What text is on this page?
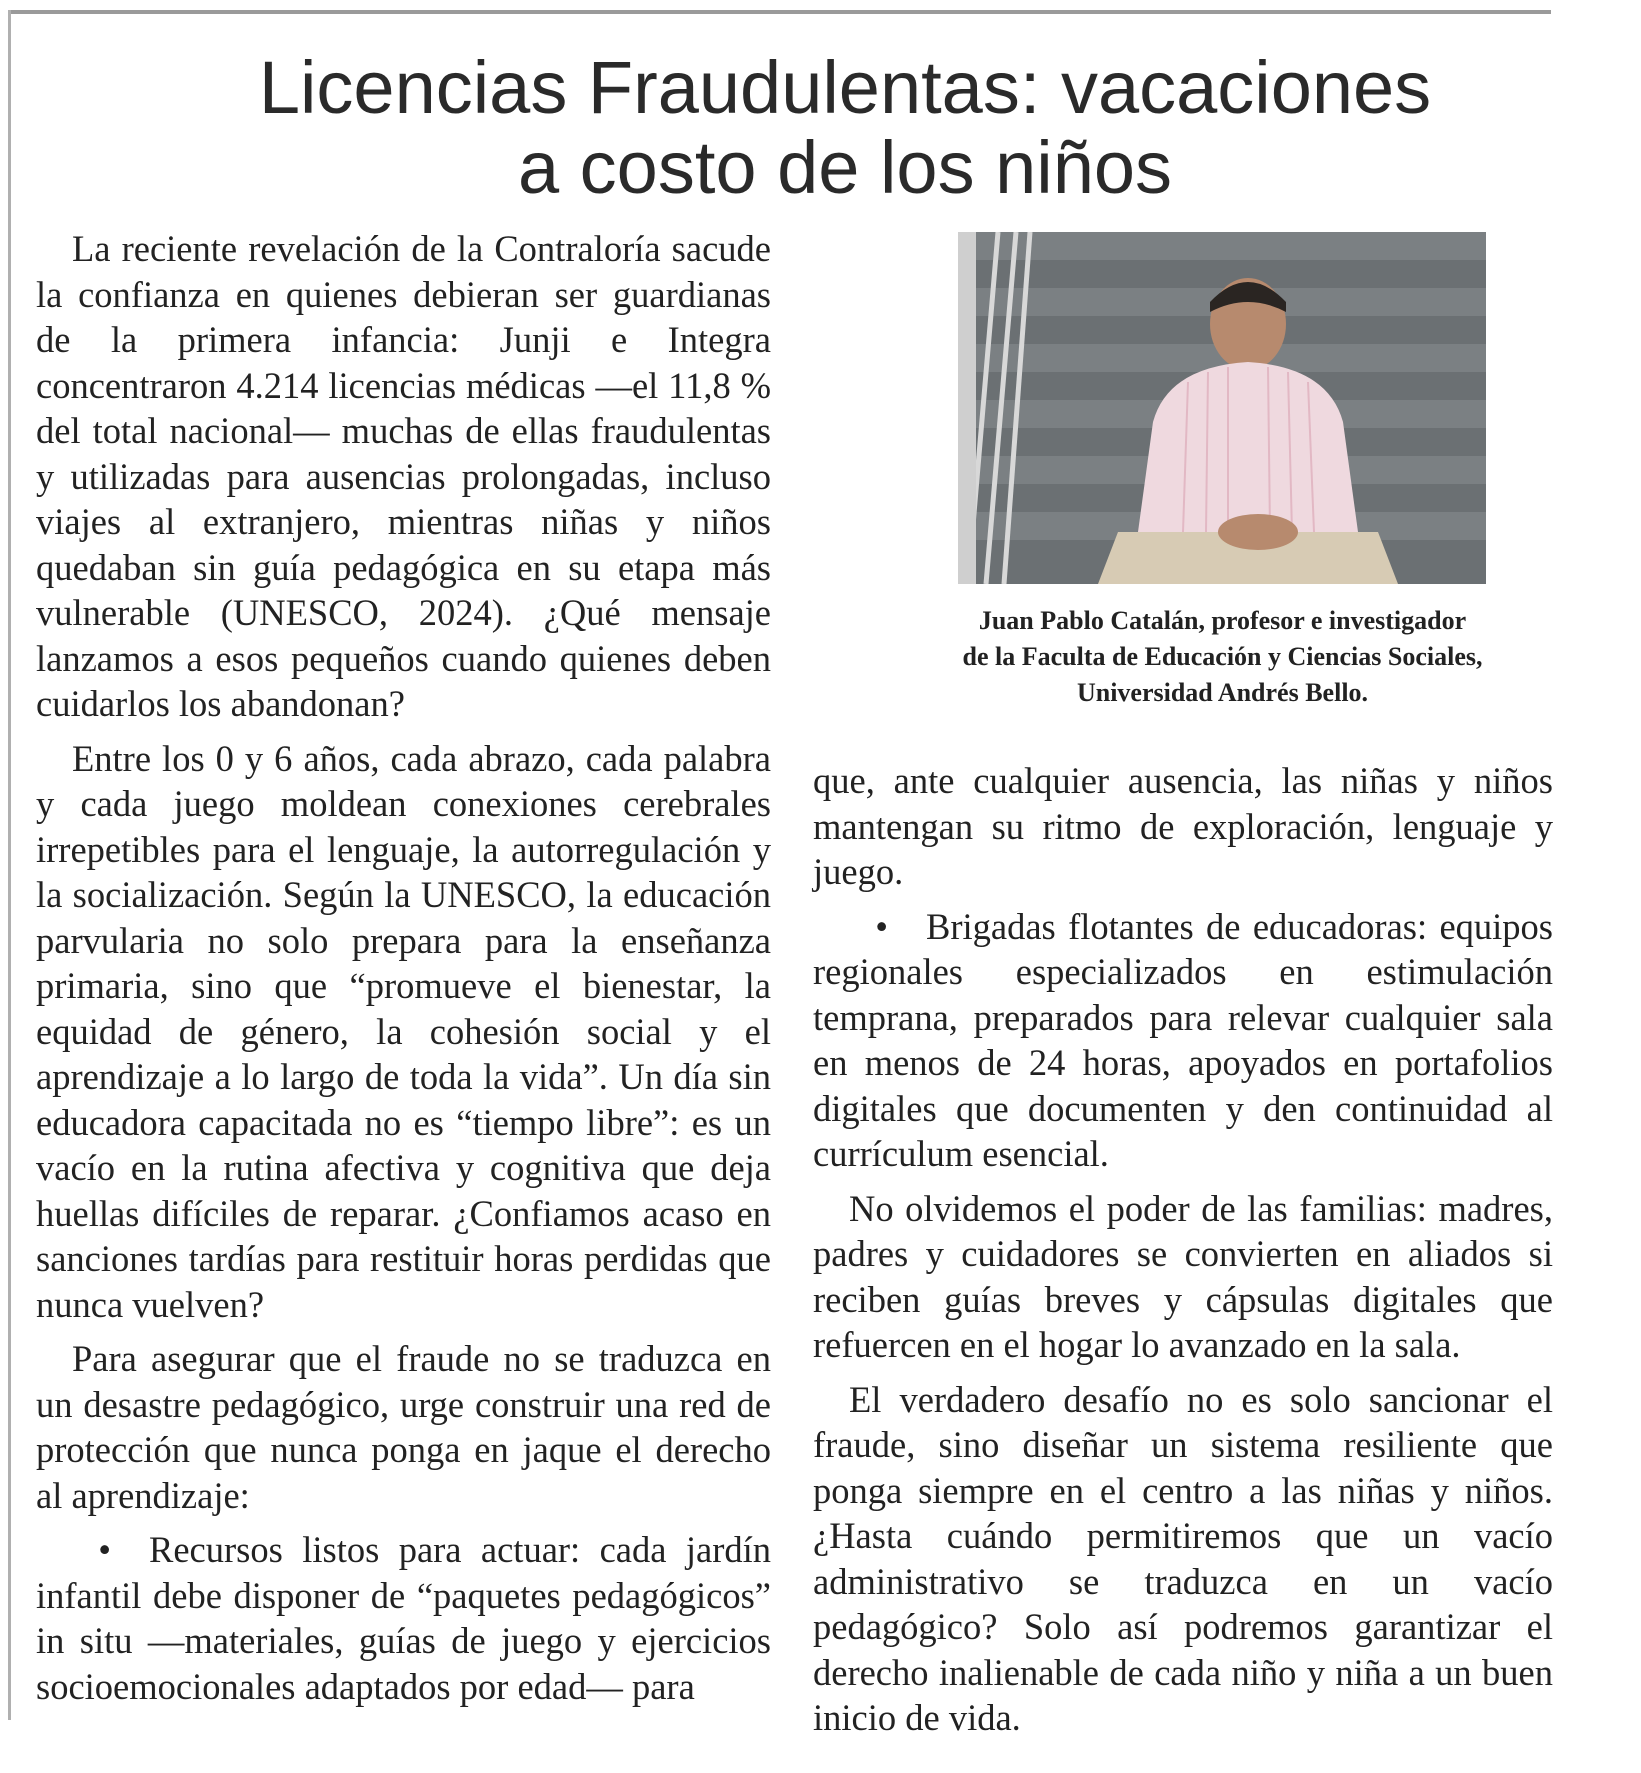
Licencias Fraudulentas: vacaciones
a costo de los niños

La reciente revelación de la Contraloría sacude la confianza en quienes debieran ser guardianas de la primera infancia: Junji e Integra concentraron 4.214 licencias médicas —el 11,8 % del total nacional— muchas de ellas fraudulentas y utilizadas para ausencias prolongadas, incluso viajes al extranjero, mientras niñas y niños quedaban sin guía pedagógica en su etapa más vulnerable (UNESCO, 2024). ¿Qué mensaje lanzamos a esos pequeños cuando quienes deben cuidarlos los abandonan?

Entre los 0 y 6 años, cada abrazo, cada palabra y cada juego moldean conexiones cerebrales irrepetibles para el lenguaje, la autorregulación y la socialización. Según la UNESCO, la educación parvularia no solo prepara para la enseñanza primaria, sino que “promueve el bienestar, la equidad de género, la cohesión social y el aprendizaje a lo largo de toda la vida”. Un día sin educadora capacitada no es “tiempo libre”: es un vacío en la rutina afectiva y cognitiva que deja huellas difíciles de reparar. ¿Confiamos acaso en sanciones tardías para restituir horas perdidas que nunca vuelven?

Para asegurar que el fraude no se traduzca en un desastre pedagógico, urge construir una red de protección que nunca ponga en jaque el derecho al aprendizaje:

• Recursos listos para actuar: cada jardín infantil debe disponer de “paquetes pedagógicos” in situ —materiales, guías de juego y ejercicios socioemocionales adaptados por edad— para

Juan Pablo Catalán, profesor e investigador
de la Faculta de Educación y Ciencias Sociales,
Universidad Andrés Bello.

que, ante cualquier ausencia, las niñas y niños mantengan su ritmo de exploración, lenguaje y juego.

• Brigadas flotantes de educadoras: equipos regionales especializados en estimulación temprana, preparados para relevar cualquier sala en menos de 24 horas, apoyados en portafolios digitales que documenten y den continuidad al currículum esencial.

No olvidemos el poder de las familias: madres, padres y cuidadores se convierten en aliados si reciben guías breves y cápsulas digitales que refuercen en el hogar lo avanzado en la sala.

El verdadero desafío no es solo sancionar el fraude, sino diseñar un sistema resiliente que ponga siempre en el centro a las niñas y niños. ¿Hasta cuándo permitiremos que un vacío administrativo se traduzca en un vacío pedagógico? Solo así podremos garantizar el derecho inalienable de cada niño y niña a un buen inicio de vida.
